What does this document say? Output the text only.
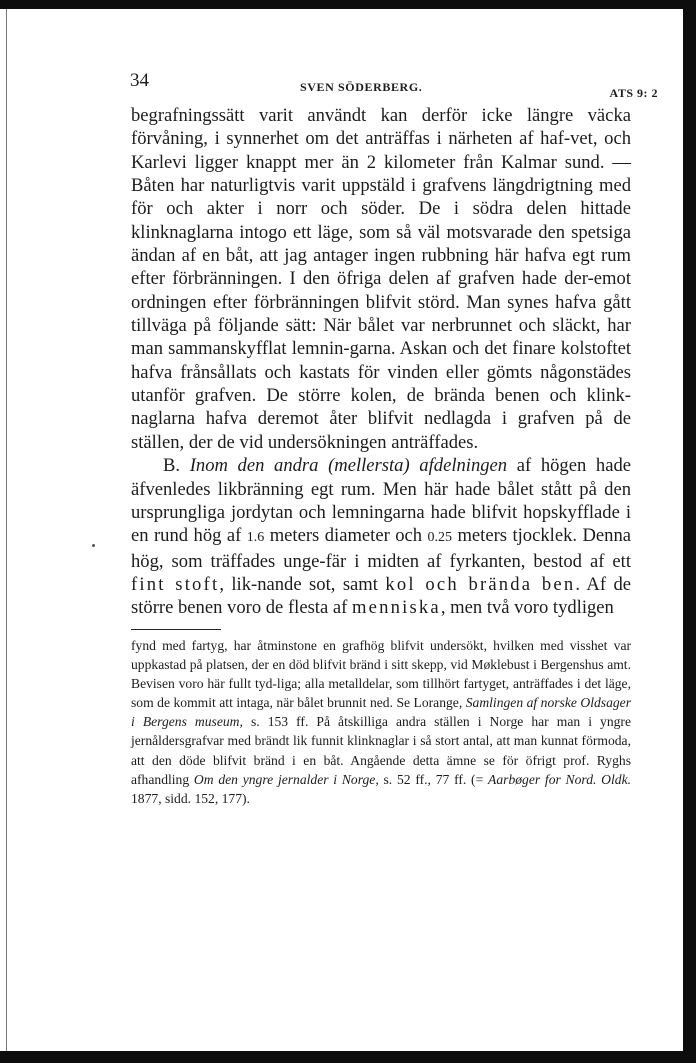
34	SVEN SÖDERBERG.	ATS 9: 2

begrafningssätt varit användt kan derför icke längre väcka förvåning, i synnerhet om det anträffas i närheten af haf-vet, och Karlevi ligger knappt mer än 2 kilometer från Kalmar sund. — Båten har naturligtvis varit uppstäld i grafvens längdrigtning med för och akter i norr och söder. De i södra delen hittade klinknaglarna intogo ett läge, som så väl motsvarade den spetsiga ändan af en båt, att jag antager ingen rubbning här hafva egt rum efter förbränningen. I den öfriga delen af grafven hade der-emot ordningen efter förbränningen blifvit störd. Man synes hafva gått tillväga på följande sätt: När bålet var nerbrunnet och släckt, har man sammanskyfflat lemnin-garna. Askan och det finare kolstoftet hafva frånsållats och kastats för vinden eller gömts någonstädes utanför grafven. De större kolen, de brända benen och klink-naglarna hafva deremot åter blifvit nedlagda i grafven på de ställen, der de vid undersökningen anträffades.

B. Inom den andra (mellersta) afdelningen af högen hade äfvenledes likbränning egt rum. Men här hade bålet stått på den ursprungliga jordytan och lemningarna hade blifvit hopskyfflade i en rund hög af 1.6 meters diameter och 0.25 meters tjocklek. Denna hög, som träffades unge-fär i midten af fyrkanten, bestod af ett fint stoft, lik-nande sot, samt kol och brända ben. Af de större benen voro de flesta af menniska, men två voro tydligen

fynd med fartyg, har åtminstone en grafhög blifvit undersökt, hvilken med visshet var uppkastad på platsen, der en död blifvit bränd i sitt skepp, vid Møklebust i Bergenshus amt. Bevisen voro här fullt tyd-liga; alla metalldelar, som tillhört fartyget, anträffades i det läge, som de kommit att intaga, när bålet brunnit ned. Se Lorange, Samlingen af norske Oldsager i Bergens museum, s. 153 ff. På åtskilliga andra ställen i Norge har man i yngre jernåldersgrafvar med brändt lik funnit klinknaglar i så stort antal, att man kunnat förmoda, att den döde blifvit bränd i en båt. Angående detta ämne se för öfrigt prof. Ryghs afhandling Om den yngre jernalder i Norge, s. 52 ff., 77 ff. (= Aarbøger for Nord. Oldk. 1877, sidd. 152, 177).
